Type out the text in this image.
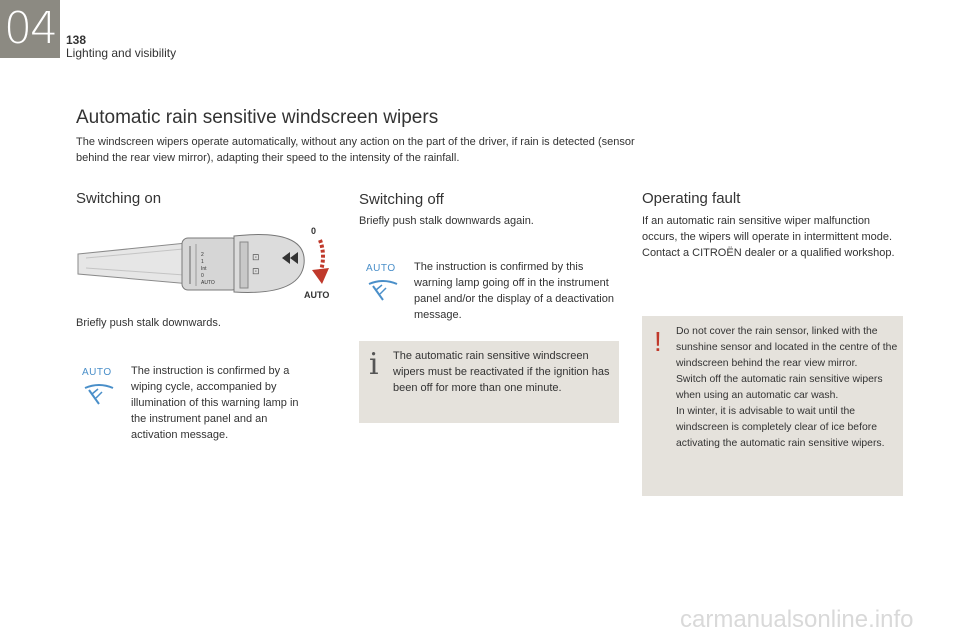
04 138
Lighting and visibility
Automatic rain sensitive windscreen wipers

The windscreen wipers operate automatically, without any action on the part of the driver, if rain is detected (sensor behind the rear view mirror), adapting their speed to the intensity of the rainfall.

Switching on
2
1
Int
0
AUTO
⊡
⊡
0
AUTO

Briefly push stalk downwards.

AUTO	The instruction is confirmed by a wiping cycle, accompanied by illumination of this warning lamp in the instrument panel and an activation message.

Switching off

Briefly push stalk downwards again.

AUTO	The instruction is confirmed by this warning lamp going off in the instrument panel and/or the display of a deactivation message.

i The automatic rain sensitive windscreen wipers must be reactivated if the ignition has been off for more than one minute.

Operating fault

If an automatic rain sensitive wiper malfunction occurs, the wipers will operate in intermittent mode.
Contact a CITROËN dealer or a qualified workshop.

! Do not cover the rain sensor, linked with the sunshine sensor and located in the centre of the windscreen behind the rear view mirror.
Switch off the automatic rain sensitive wipers when using an automatic car wash.
In winter, it is advisable to wait until the windscreen is completely clear of ice before activating the automatic rain sensitive wipers.

carmanualsonline.info
